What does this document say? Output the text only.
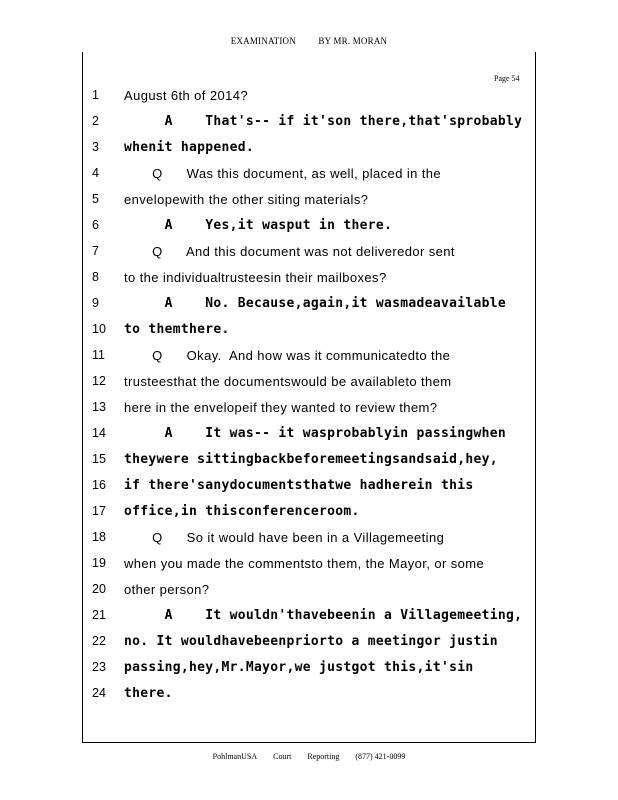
EXAMINATION BY MR. MORAN
Page 54
1	August 6th of 2014?
2	A    That's-- if it'son there,that'sprobably
3	whenit happened.
4	Q      Was this document, as well, placed in the
5	envelopewith the other siting materials?
6	A    Yes,it wasput in there.
7	Q      And this document was not deliveredor sent
8	to the individualtrusteesin their mailboxes?
9	A    No. Because,again,it wasmadeavailable
10	to themthere.
11	Q      Okay.  And how was it communicatedto the
12	trusteesthat the documentswould be availableto them
13	here in the envelopeif they wanted to review them?
14	A    It was-- it wasprobablyin passingwhen
15	theywere sittingbackbeforemeetingsandsaid,hey,
16	if there'sanydocumentsthatwe hadherein this
17	office,in thisconferenceroom.
18	Q      So it would have been in a Villagemeeting
19	when you made the commentsto them, the Mayor, or some
20	other person?
21	A    It wouldn'thavebeenin a Villagemeeting,
22	no. It wouldhavebeenpriorto a meetingor justin
23	passing,hey,Mr.Mayor,we justgot this,it'sin
24	there.
PohlmanUSA Court Reporting (877) 421-0099
